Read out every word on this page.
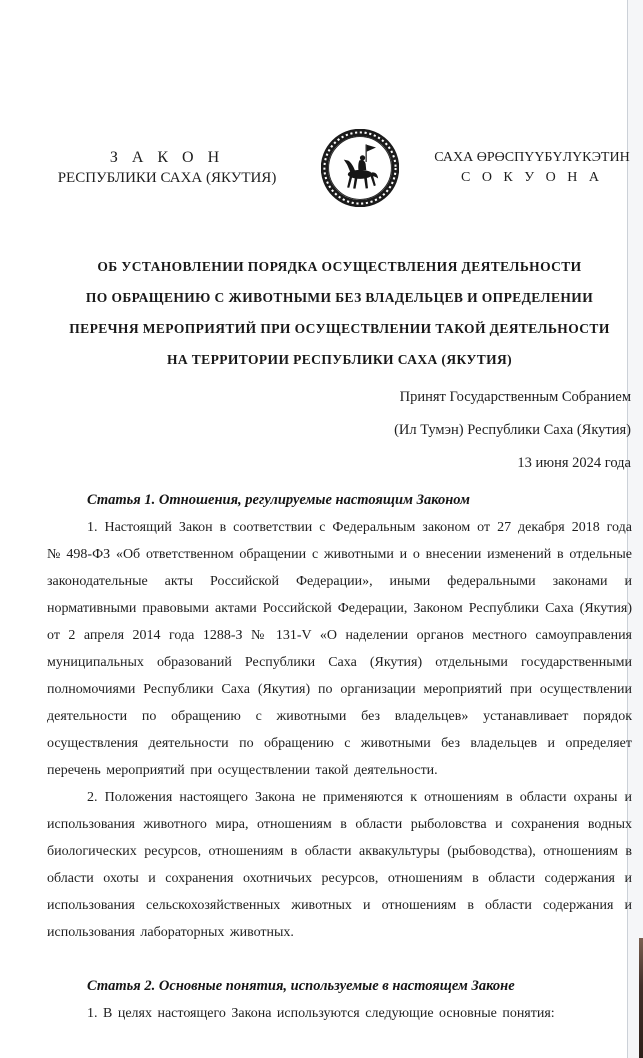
З А К О Н
РЕСПУБЛИКИ САХА (ЯКУТИЯ)
САХА ӨРӨСПҮҮБҮЛҮКЭТИН
С О К У О Н А
ОБ УСТАНОВЛЕНИИ ПОРЯДКА ОСУЩЕСТВЛЕНИЯ ДЕЯТЕЛЬНОСТИ
ПО ОБРАЩЕНИЮ С ЖИВОТНЫМИ БЕЗ ВЛАДЕЛЬЦЕВ И ОПРЕДЕЛЕНИИ
ПЕРЕЧНЯ МЕРОПРИЯТИЙ ПРИ ОСУЩЕСТВЛЕНИИ ТАКОЙ ДЕЯТЕЛЬНОСТИ
НА ТЕРРИТОРИИ РЕСПУБЛИКИ САХА (ЯКУТИЯ)
Принят Государственным Собранием
(Ил Тумэн) Республики Саха (Якутия)
13 июня 2024 года
Статья 1. Отношения, регулируемые настоящим Законом

1. Настоящий Закон в соответствии с Федеральным законом от 27 декабря 2018 года № 498-ФЗ «Об ответственном обращении с животными и о внесении изменений в отдельные законодательные акты Российской Федерации», иными федеральными законами и нормативными правовыми актами Российской Федерации, Законом Республики Саха (Якутия) от 2 апреля 2014 года 1288-З № 131-V «О наделении органов местного самоуправления муниципальных образований Республики Саха (Якутия) отдельными государственными полномочиями Республики Саха (Якутия) по организации мероприятий при осуществлении деятельности по обращению с животными без владельцев» устанавливает порядок осуществления деятельности по обращению с животными без владельцев и определяет перечень мероприятий при осуществлении такой деятельности.

2. Положения настоящего Закона не применяются к отношениям в области охраны и использования животного мира, отношениям в области рыболовства и сохранения водных биологических ресурсов, отношениям в области аквакультуры (рыбоводства), отношениям в области охоты и сохранения охотничьих ресурсов, отношениям в области содержания и использования сельскохозяйственных животных и отношениям в области содержания и использования лабораторных животных.

Статья 2. Основные понятия, используемые в настоящем Законе

1. В целях настоящего Закона используются следующие основные понятия:
